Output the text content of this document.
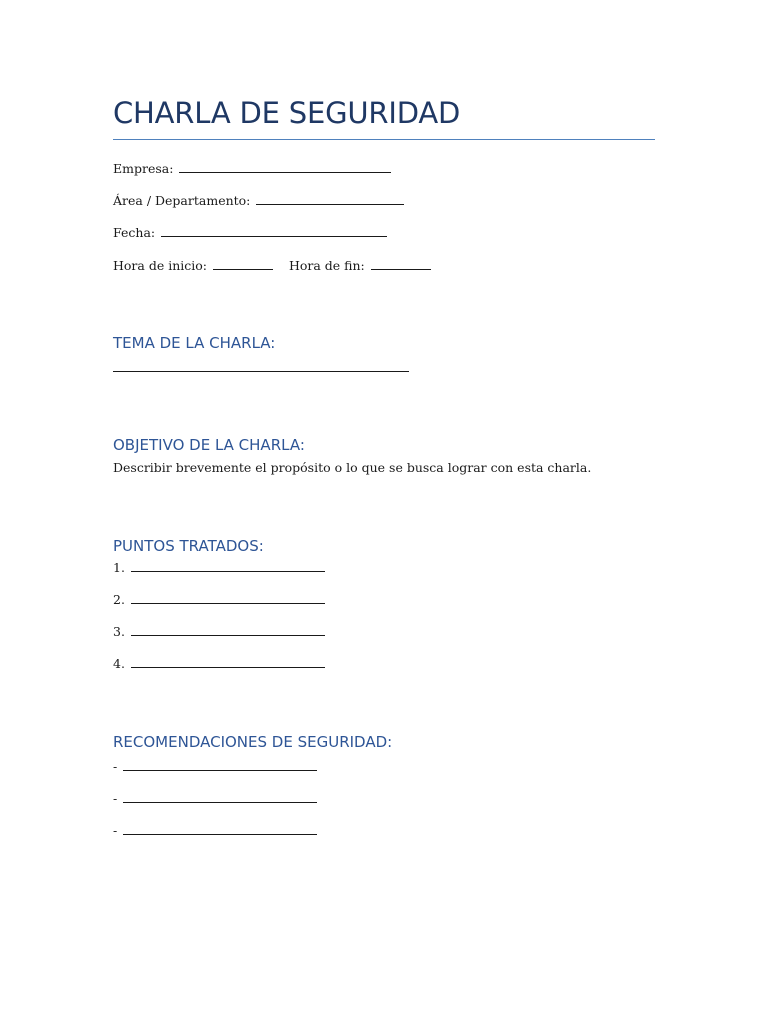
CHARLA DE SEGURIDAD
Empresa:
Área / Departamento:
Fecha:
Hora de inicio:	Hora de fin:
TEMA DE LA CHARLA:
OBJETIVO DE LA CHARLA:
Describir brevemente el propósito o lo que se busca lograr con esta charla.
PUNTOS TRATADOS:
1.
2.
3.
4.
RECOMENDACIONES DE SEGURIDAD:
-
-
-
